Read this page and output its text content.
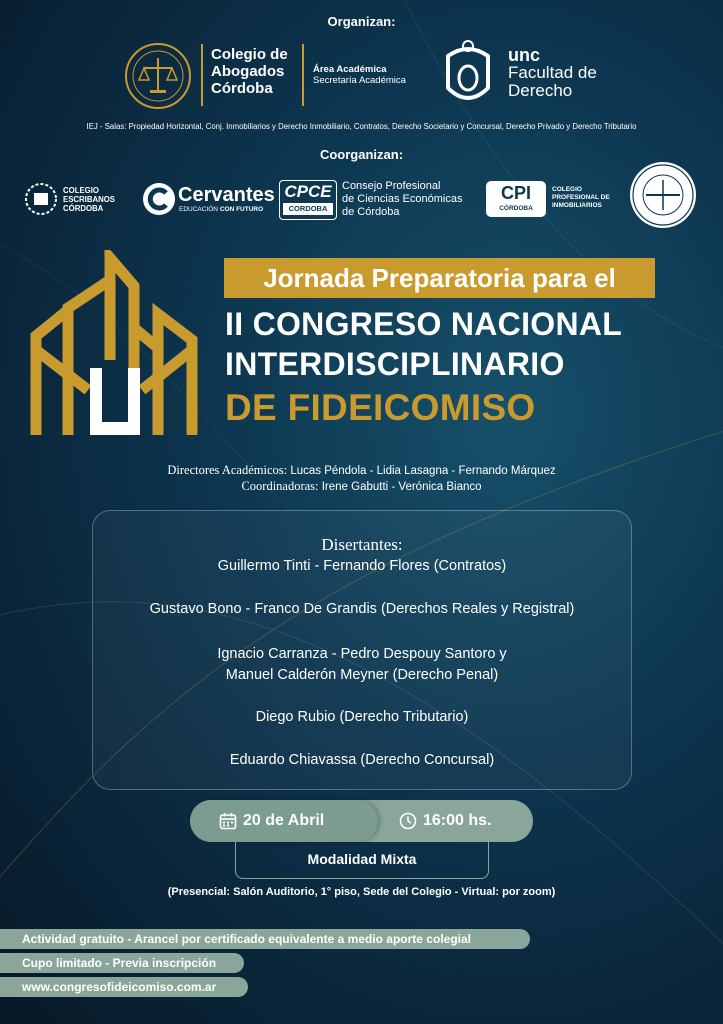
Organizan:
Colegio de
Abogados
Córdoba
Área Académica
Secretaría Académica
unc
Facultad de
Derecho
IEJ - Salas: Propiedad Horizontal, Conj. Inmobiliarios y Derecho Inmobiliario, Contratos, Derecho Societario y Concursal, Derecho Privado y Derecho Tributario
Coorganizan:
COLEGIO
ESCRIBANOS
CÓRDOBA
Cervantes
EDUCACIÓN CON FUTURO
CPCE
CORDOBA
Consejo Profesional
de Ciencias Económicas
de Córdoba
CPI
CÓRDOBA
COLEGIO
PROFESIONAL DE
INMOBILIARIOS
Jornada Preparatoria para el
II CONGRESO NACIONAL
INTERDISCIPLINARIO
DE FIDEICOMISO
Directores Académicos: Lucas Péndola - Lidia Lasagna - Fernando Márquez
Coordinadoras: Irene Gabutti - Verónica Bianco
Disertantes:
Guillermo Tinti - Fernando Flores (Contratos)
Gustavo Bono - Franco De Grandis (Derechos Reales y Registral)
Ignacio Carranza - Pedro Despouy Santoro y
Manuel Calderón Meyner (Derecho Penal)
Diego Rubio (Derecho Tributario)
Eduardo Chiavassa (Derecho Concursal)
20 de Abril	16:00 hs.
Modalidad Mixta
(Presencial: Salón Auditorio, 1° piso, Sede del Colegio - Virtual: por zoom)
Actividad gratuito - Arancel por certificado equivalente a medio aporte colegial
Cupo limitado - Previa inscripción
www.congresofideicomiso.com.ar
